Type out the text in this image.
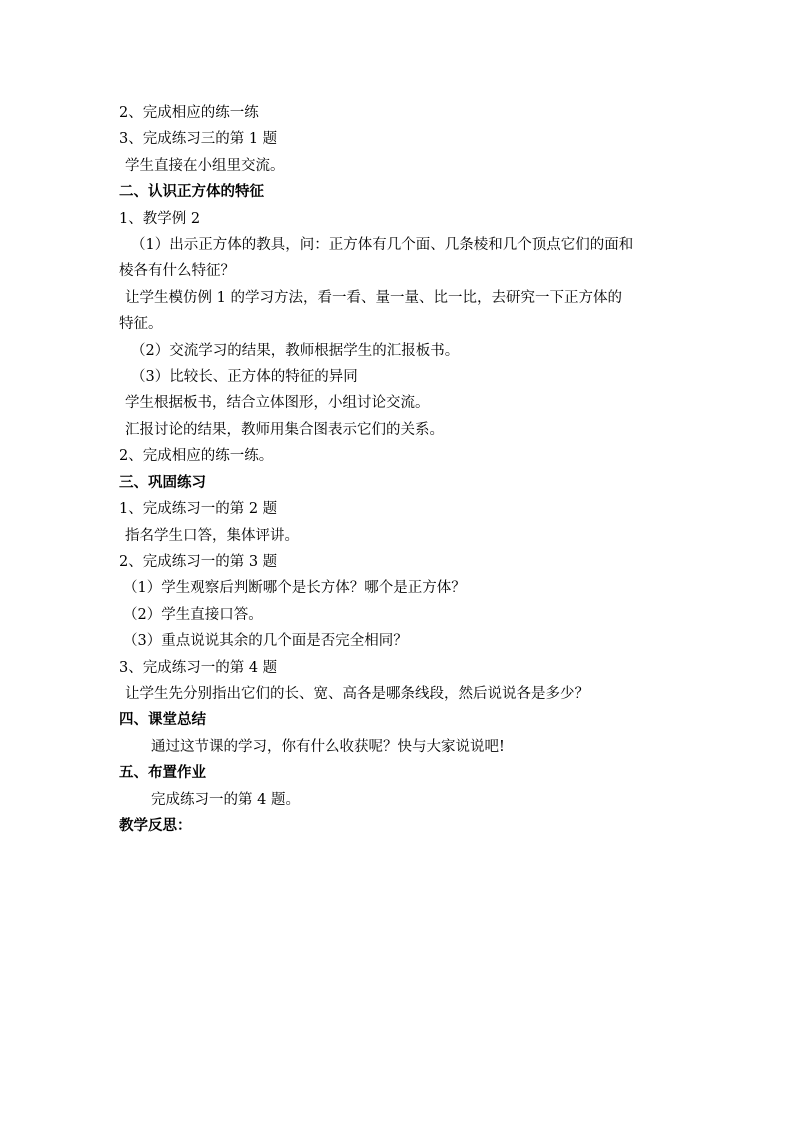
2、完成相应的练一练
3、完成练习三的第 1 题
学生直接在小组里交流。
二、认识正方体的特征
1、教学例 2
（1）出示正方体的教具，问：正方体有几个面、几条棱和几个顶点它们的面和
棱各有什么特征？
让学生模仿例 1 的学习方法，看一看、量一量、比一比，去研究一下正方体的
特征。
（2）交流学习的结果，教师根据学生的汇报板书。
（3）比较长、正方体的特征的异同
学生根据板书，结合立体图形，小组讨论交流。
汇报讨论的结果，教师用集合图表示它们的关系。
2、完成相应的练一练。
三、巩固练习
1、完成练习一的第 2 题
指名学生口答，集体评讲。
2、完成练习一的第 3 题
（1）学生观察后判断哪个是长方体？哪个是正方体？
（2）学生直接口答。
（3）重点说说其余的几个面是否完全相同？
3、完成练习一的第 4 题
让学生先分别指出它们的长、宽、高各是哪条线段，然后说说各是多少？
四、课堂总结
通过这节课的学习，你有什么收获呢？快与大家说说吧!
五、布置作业
完成练习一的第 4 题。
教学反思：
